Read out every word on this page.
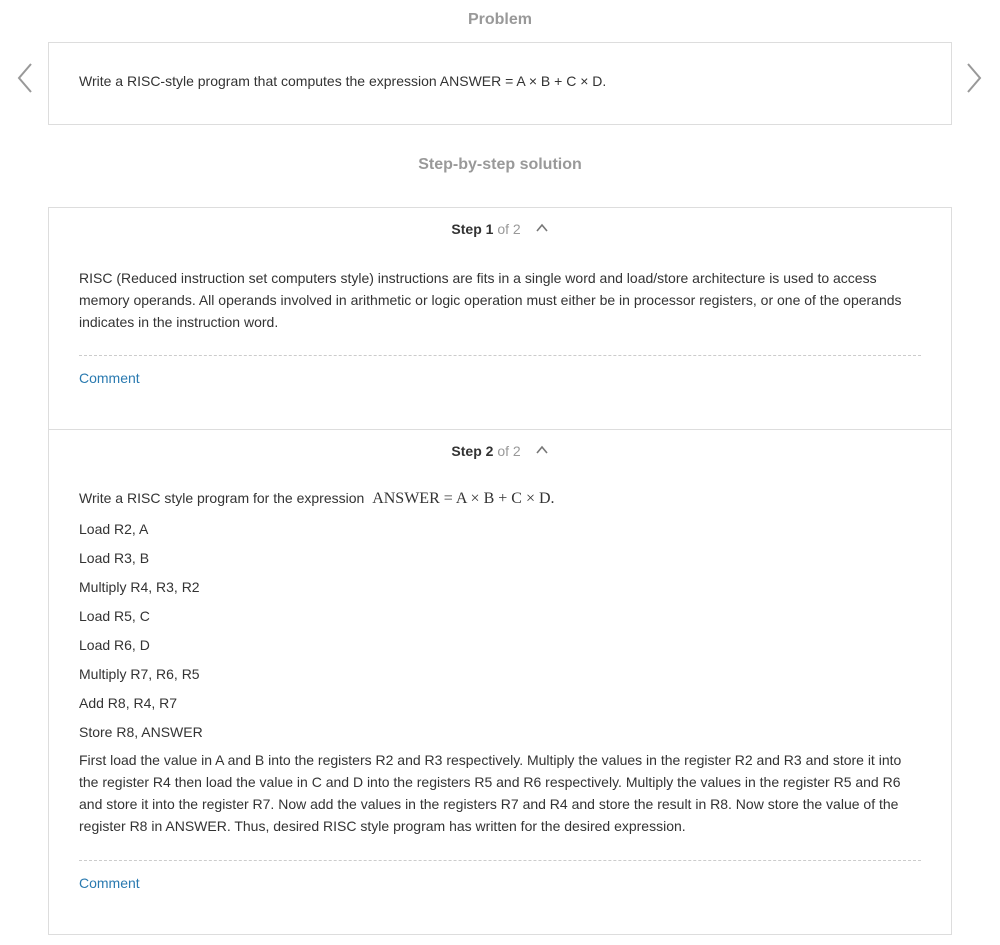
Problem
Write a RISC-style program that computes the expression ANSWER = A × B + C × D.
Step-by-step solution
Step 1 of 2
RISC (Reduced instruction set computers style) instructions are fits in a single word and load/store architecture is used to access memory operands. All operands involved in arithmetic or logic operation must either be in processor registers, or one of the operands indicates in the instruction word.
Comment
Step 2 of 2
Write a RISC style program for the expression ANSWER = A × B + C × D.
Load R2, A
Load R3, B
Multiply R4, R3, R2
Load R5, C
Load R6, D
Multiply R7, R6, R5
Add R8, R4, R7
Store R8, ANSWER
First load the value in A and B into the registers R2 and R3 respectively. Multiply the values in the register R2 and R3 and store it into the register R4 then load the value in C and D into the registers R5 and R6 respectively. Multiply the values in the register R5 and R6 and store it into the register R7. Now add the values in the registers R7 and R4 and store the result in R8. Now store the value of the register R8 in ANSWER. Thus, desired RISC style program has written for the desired expression.
Comment
